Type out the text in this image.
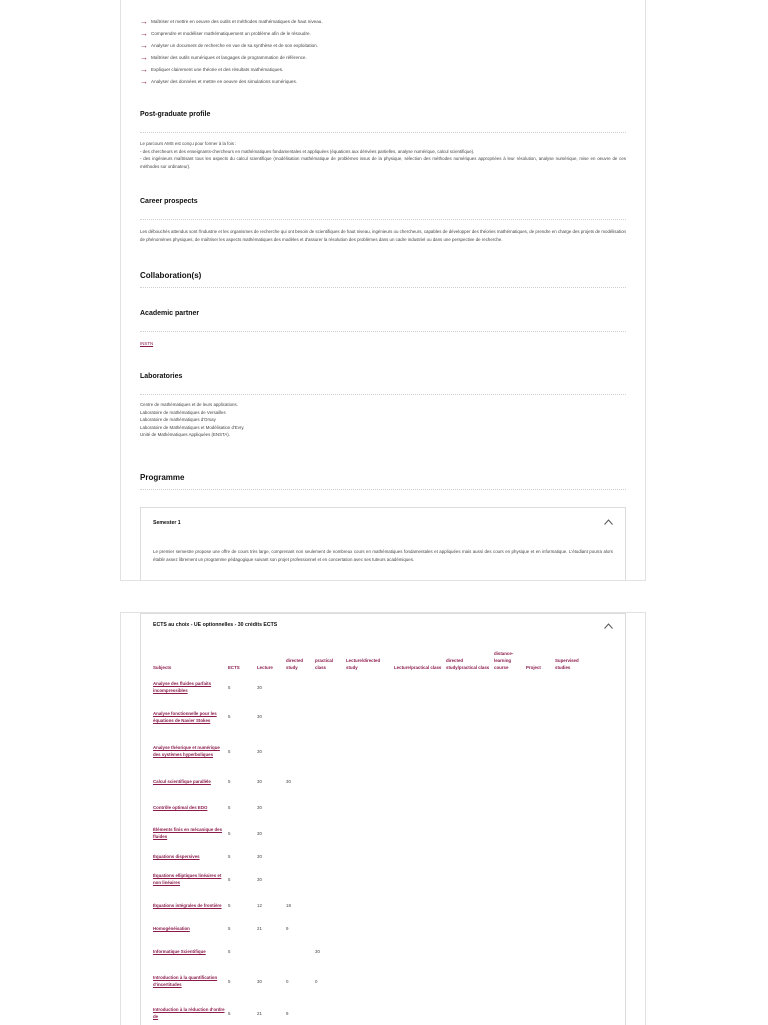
→ Maîtriser et mettre en oeuvre des outils et méthodes mathématiques de haut niveau.
→ Comprendre et modéliser mathématiquement un problème afin de le résoudre.
→ Analyser un document de recherche en vue de sa synthèse et de son exploitation.
→ Maîtriser des outils numériques et langages de programmation de référence.
→ Expliquer clairement une théorie et des résultats mathématiques.
→ Analyser des données et mettre en oeuvre des simulations numériques.
Post-graduate profile
Le parcours AMS est conçu pour former à la fois :
- des chercheurs et des enseignants-chercheurs en mathématiques fondamentales et appliquées (équations aux dérivées partielles, analyse numérique, calcul scientifique).
- des ingénieurs maîtrisant tous les aspects du calcul scientifique (modélisation mathématique de problèmes issus de la physique, sélection des méthodes numériques appropriées à leur résolution, analyse numérique, mise en oeuvre de ces méthodes sur ordinateur).
Career prospects
Les débouchés attendus sont l'industrie et les organismes de recherche qui ont besoin de scientifiques de haut niveau, ingénieurs ou chercheurs, capables de développer des théories mathématiques, de prendre en charge des projets de modélisation de phénomènes physiques, de maîtriser les aspects mathématiques des modèles et d'assurer la résolution des problèmes dans un cadre industriel ou dans une perspective de recherche.
Collaboration(s)
Academic partner
INSTN
Laboratories
Centre de mathématiques et de leurs applications.
Laboratoire de mathématiques de Versailles
Laboratoire de mathématiques d'Orsay
Laboratoire de Mathématiques et Modélisation d'Evry.
Unité de Mathématiques Appliquées (ENSTA).
Programme
Semester 1
Le premier semestre propose une offre de cours très large, comprenant non seulement de nombreux cours en mathématiques fondamentales et appliquées mais aussi des cours en physique et en informatique. L'étudiant pourra alors établir assez librement un programme pédagogique suivant son projet professionnel et en concertation avec ses tuteurs académiques.
ECTS au choix - UE optionnelles - 30 crédits ECTS
Subjects	ECTS	Lecture	directed study	practical class	Lecture/directed study	Lecture/practical class	directed study/practical class	distance-learning course	Project	Supervised studies
Analyse des fluides parfaits incompressibles	5	30								
Analyse fonctionnelle pour les équations de Navier Stokes	5	30								
Analyse théorique et numérique des systèmes hyperboliques	5	30								
Calcul scientifique parallèle	5	30	30							
Contrôle optimal des EDO	5	30								
Éléments finis en mécanique des fluides	5	30								
Équations dispersives	5	30								
Équations elliptiques linéaires et non linéaires	5	30								
Équations intégrales de frontière	5	12	18							
Homogénéisation	5	21	9							
Informatique Scientifique	5			30						
Introduction à la quantification d'incertitudes	5	30	0	0						
Introduction à la réduction d'ordre de	5	21	9							
